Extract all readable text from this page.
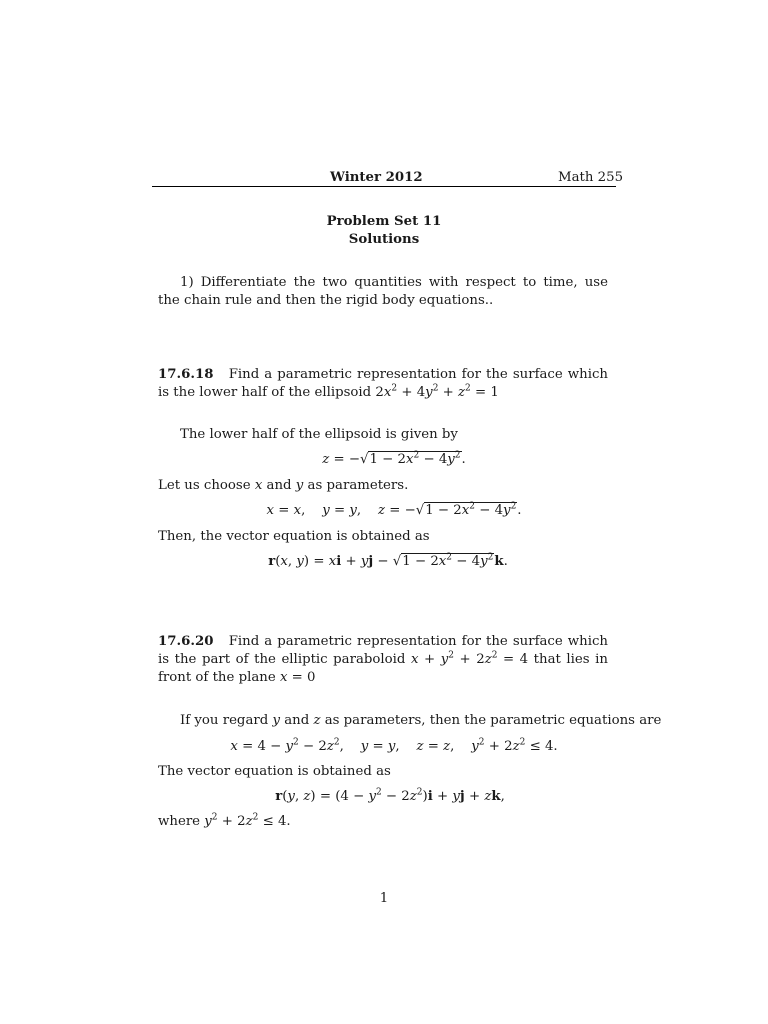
Winter 2012	Math 255
Problem Set 11
Solutions
1) Differentiate the two quantities with respect to time, use the chain rule and then the rigid body equations..
17.6.18 Find a parametric representation for the surface which is the lower half of the ellipsoid $2x^2 + 4y^2 + z^2 = 1$
The lower half of the ellipsoid is given by
$z = -√1 - 2x^2 - 4y^2$.
Let us choose x and y as parameters.
x = x,    y = y,    $z = -√1 - 2x^2 - 4y^2$.
Then, the vector equation is obtained as
r(x, y) = xi + yj − $√1 - 2x^2 - 4y^2k$.
17.6.20 Find a parametric representation for the surface which is the part of the elliptic paraboloid $x + y^2 + 2z^2 = 4$ that lies in front of the plane x = 0
If you regard y and z as parameters, then the parametric equations are
$x = 4 - y^2 - 2z^2$,    y = y,    z = z,    $y^2 + 2z^2 \le 4$.
The vector equation is obtained as
r(y, $z) = (4 - y^2 - 2z^2)i$ + yj + zk,
where $y^2 + 2z^2 \le 4$.
1
